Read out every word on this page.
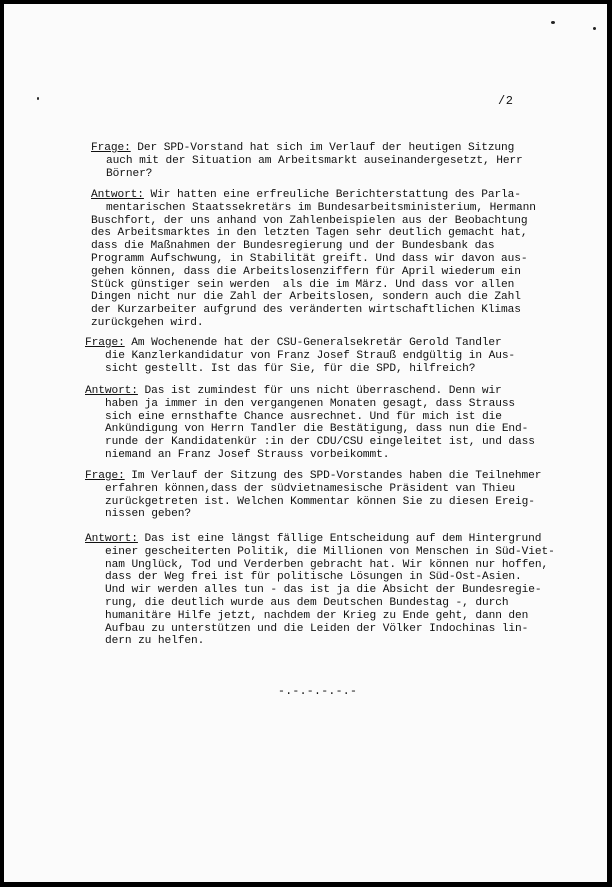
/2
Frage: Der SPD-Vorstand hat sich im Verlauf der heutigen Sitzung
auch mit der Situation am Arbeitsmarkt auseinandergesetzt, Herr
Börner?
Antwort: Wir hatten eine erfreuliche Berichterstattung des Parla-
mentarischen Staatssekretärs im Bundesarbeitsministerium, Hermann
Buschfort, der uns anhand von Zahlenbeispielen aus der Beobachtung
des Arbeitsmarktes in den letzten Tagen sehr deutlich gemacht hat,
dass die Maßnahmen der Bundesregierung und der Bundesbank das
Programm Aufschwung, in Stabilität greift. Und dass wir davon aus-
gehen können, dass die Arbeitslosenziffern für April wiederum ein
Stück günstiger sein werden  als die im März. Und dass vor allen
Dingen nicht nur die Zahl der Arbeitslosen, sondern auch die Zahl
der Kurzarbeiter aufgrund des veränderten wirtschaftlichen Klimas
zurückgehen wird.
Frage: Am Wochenende hat der CSU-Generalsekretär Gerold Tandler
die Kanzlerkandidatur von Franz Josef Strauß endgültig in Aus-
sicht gestellt. Ist das für Sie, für die SPD, hilfreich?
Antwort: Das ist zumindest für uns nicht überraschend. Denn wir
haben ja immer in den vergangenen Monaten gesagt, dass Strauss
sich eine ernsthafte Chance ausrechnet. Und für mich ist die
Ankündigung von Herrn Tandler die Bestätigung, dass nun die End-
runde der Kandidatenkür :in der CDU/CSU eingeleitet ist, und dass
niemand an Franz Josef Strauss vorbeikommt.
Frage: Im Verlauf der Sitzung des SPD-Vorstandes haben die Teilnehmer
erfahren können,dass der südvietnamesische Präsident van Thieu
zurückgetreten ist. Welchen Kommentar können Sie zu diesen Ereig-
nissen geben?
Antwort: Das ist eine längst fällige Entscheidung auf dem Hintergrund
einer gescheiterten Politik, die Millionen von Menschen in Süd-Viet-
nam Unglück, Tod und Verderben gebracht hat. Wir können nur hoffen,
dass der Weg frei ist für politische Lösungen in Süd-Ost-Asien.
Und wir werden alles tun - das ist ja die Absicht der Bundesregie-
rung, die deutlich wurde aus dem Deutschen Bundestag -, durch
humanitäre Hilfe jetzt, nachdem der Krieg zu Ende geht, dann den
Aufbau zu unterstützen und die Leiden der Völker Indochinas lin-
dern zu helfen.
-.-.-.-.-.-
